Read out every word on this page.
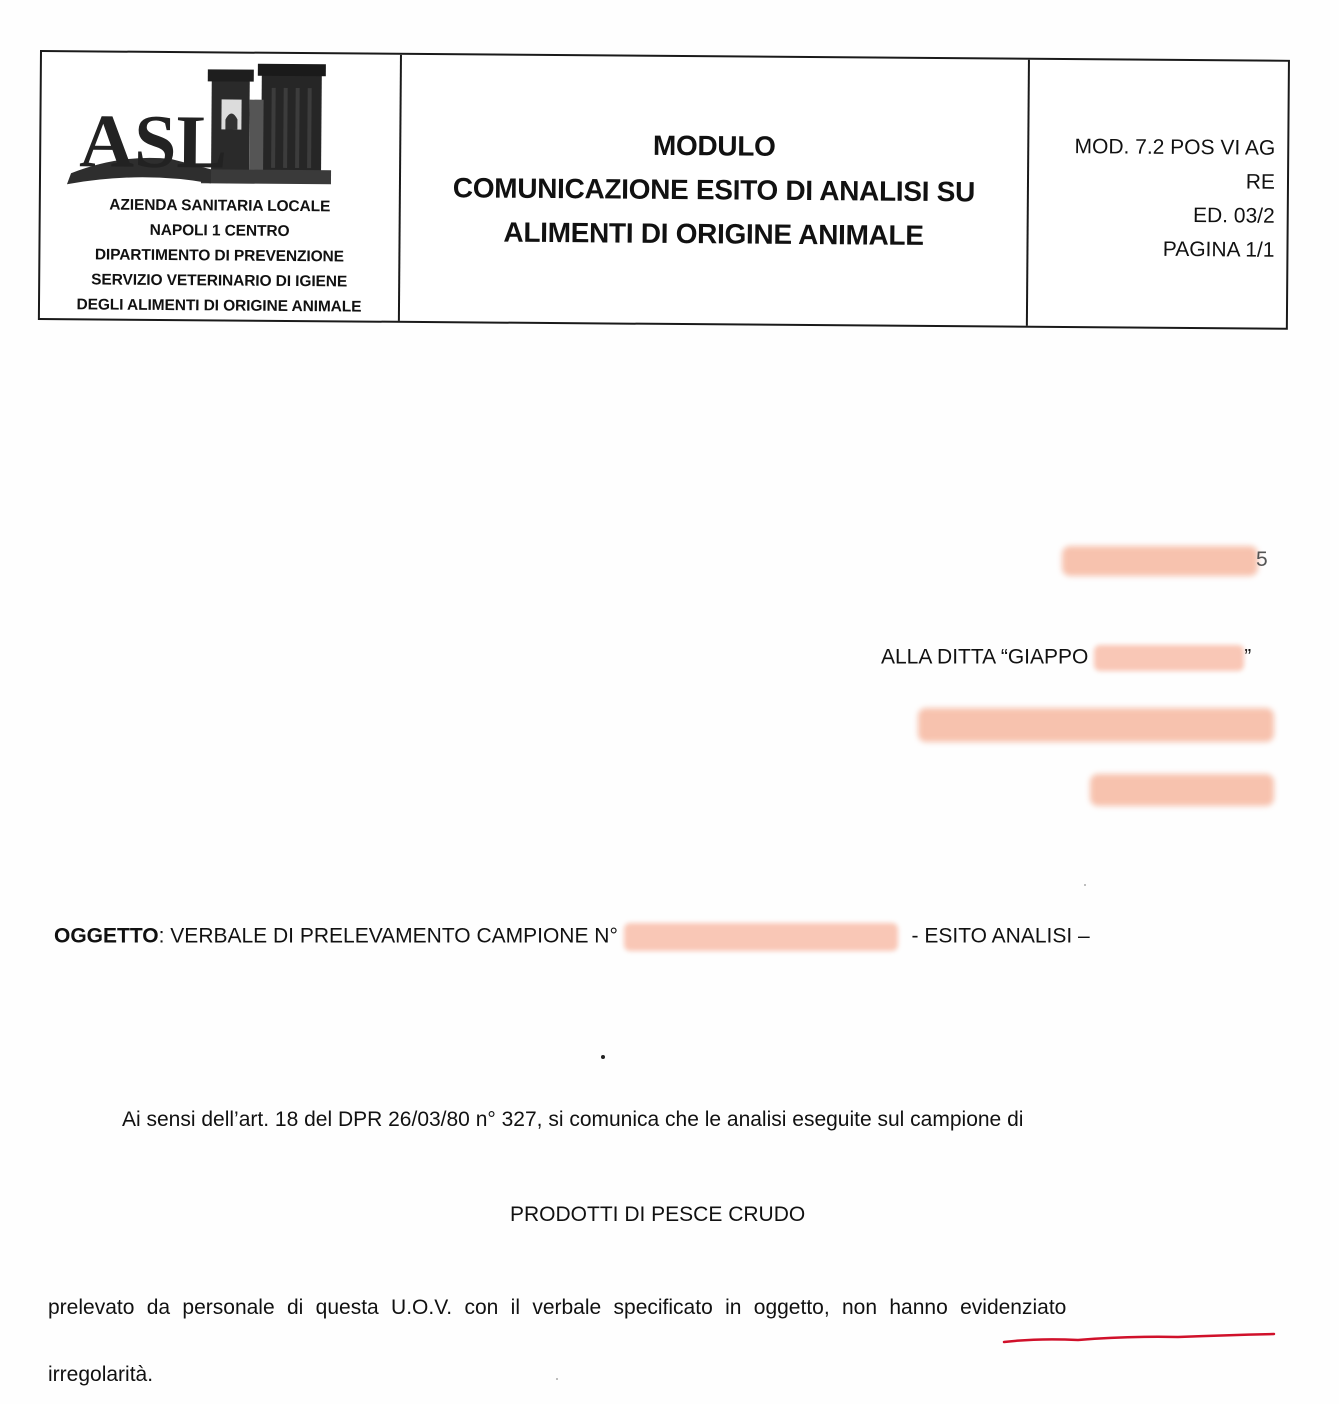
ASL
AZIENDA SANITARIA LOCALE
NAPOLI 1 CENTRO
DIPARTIMENTO DI PREVENZIONE
SERVIZIO VETERINARIO DI IGIENE
DEGLI ALIMENTI DI ORIGINE ANIMALE
MODULO
COMUNICAZIONE ESITO DI ANALISI SU
ALIMENTI DI ORIGINE ANIMALE
MOD. 7.2 POS VI AG
RE
ED. 03/2
PAGINA 1/1
5
ALLA DITTA “GIAPPO	”
OGGETTO: VERBALE DI PRELEVAMENTO CAMPIONE N°	- ESITO ANALISI –
Ai sensi dell’art. 18 del DPR 26/03/80 n° 327, si comunica che le analisi eseguite sul campione di
PRODOTTI DI PESCE CRUDO
prelevato da personale di questa U.O.V. con il verbale specificato in oggetto, non hanno evidenziato
irregolarità.
